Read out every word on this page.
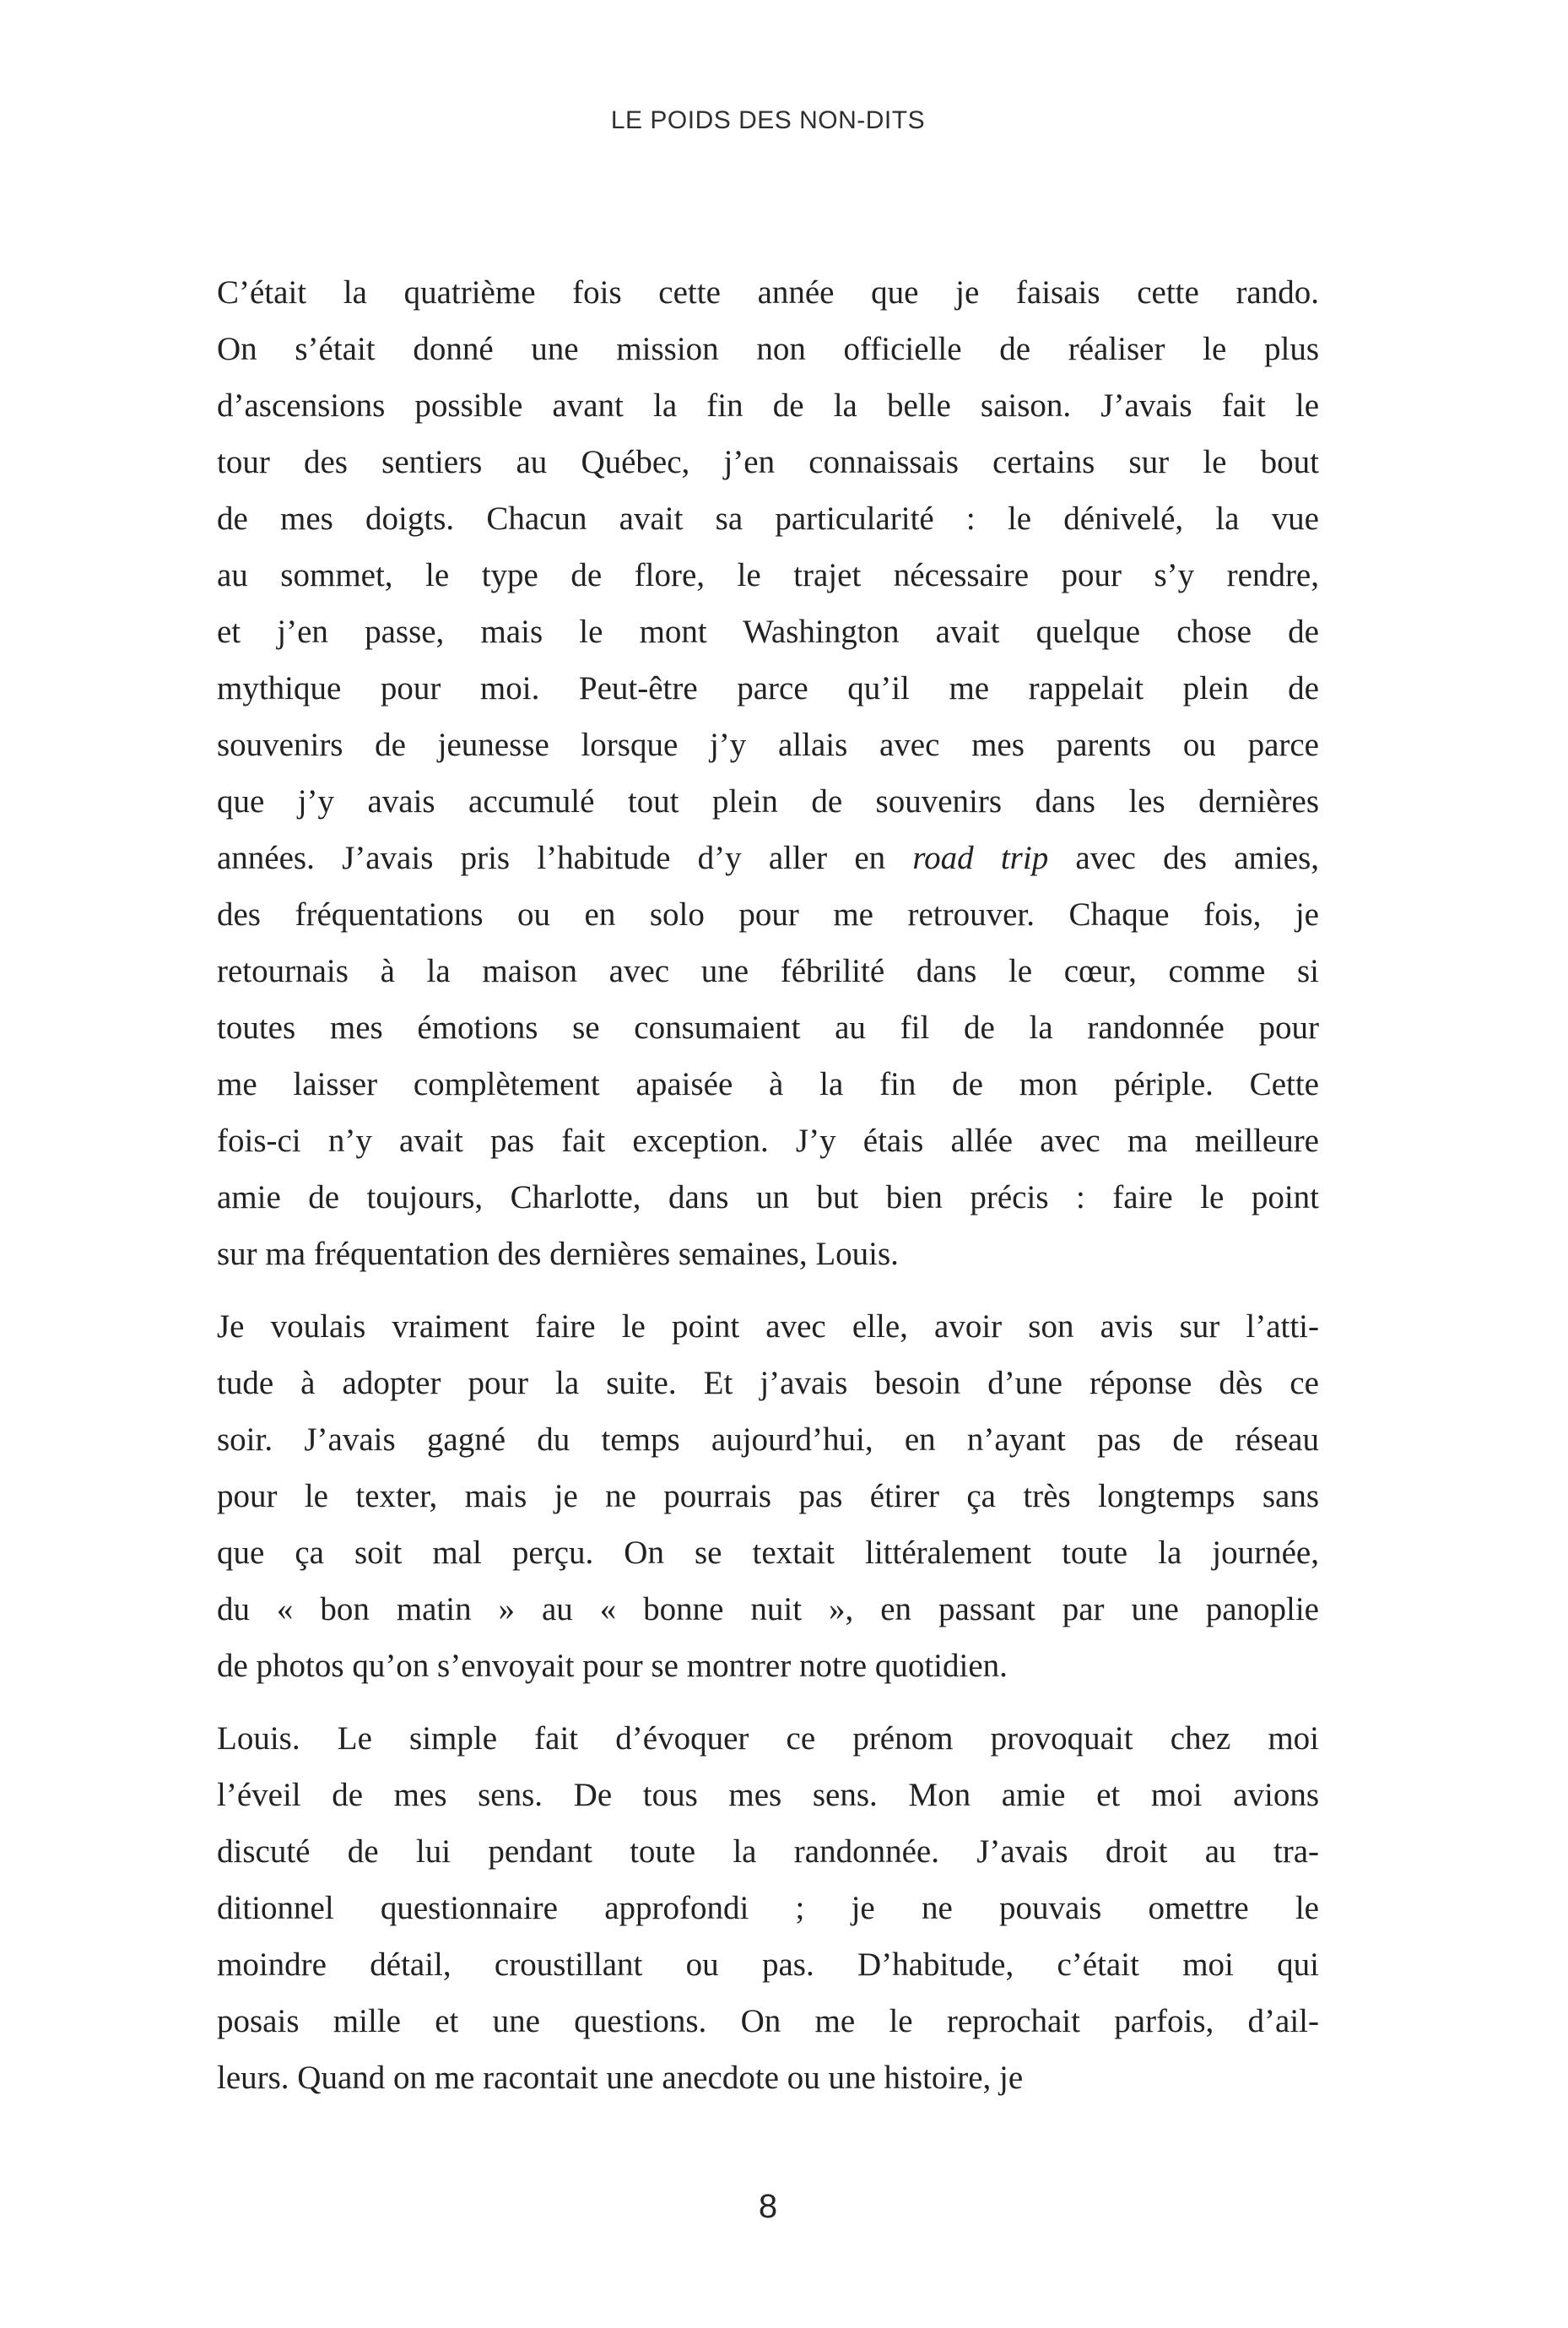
LE POIDS DES NON-DITS
C’était la quatrième fois cette année que je faisais cette rando.
On s’était donné une mission non officielle de réaliser le plus
d’ascensions possible avant la fin de la belle saison. J’avais fait le
tour des sentiers au Québec, j’en connaissais certains sur le bout
de mes doigts. Chacun avait sa particularité : le dénivelé, la vue
au sommet, le type de flore, le trajet nécessaire pour s’y rendre,
et j’en passe, mais le mont Washington avait quelque chose de
mythique pour moi. Peut-être parce qu’il me rappelait plein de
souvenirs de jeunesse lorsque j’y allais avec mes parents ou parce
que j’y avais accumulé tout plein de souvenirs dans les dernières
années. J’avais pris l’habitude d’y aller en road trip avec des amies,
des fréquentations ou en solo pour me retrouver. Chaque fois, je
retournais à la maison avec une fébrilité dans le cœur, comme si
toutes mes émotions se consumaient au fil de la randonnée pour
me laisser complètement apaisée à la fin de mon périple. Cette
fois-ci n’y avait pas fait exception. J’y étais allée avec ma meilleure
amie de toujours, Charlotte, dans un but bien précis : faire le point
sur ma fréquentation des dernières semaines, Louis.
Je voulais vraiment faire le point avec elle, avoir son avis sur l’atti-
tude à adopter pour la suite. Et j’avais besoin d’une réponse dès ce
soir. J’avais gagné du temps aujourd’hui, en n’ayant pas de réseau
pour le texter, mais je ne pourrais pas étirer ça très longtemps sans
que ça soit mal perçu. On se textait littéralement toute la journée,
du « bon matin » au « bonne nuit », en passant par une panoplie
de photos qu’on s’envoyait pour se montrer notre quotidien.
Louis. Le simple fait d’évoquer ce prénom provoquait chez moi
l’éveil de mes sens. De tous mes sens. Mon amie et moi avions
discuté de lui pendant toute la randonnée. J’avais droit au tra-
ditionnel questionnaire approfondi ; je ne pouvais omettre le
moindre détail, croustillant ou pas. D’habitude, c’était moi qui
posais mille et une questions. On me le reprochait parfois, d’ail-
leurs. Quand on me racontait une anecdote ou une histoire, je
8
